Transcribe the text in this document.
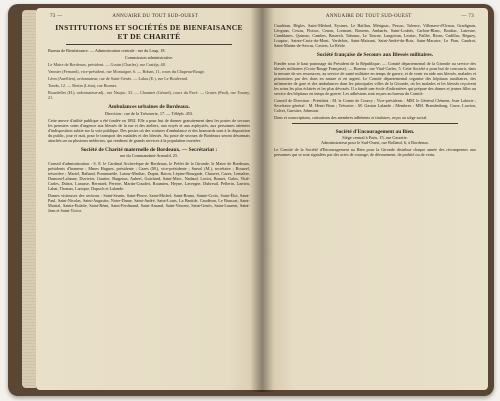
73 —	ANNUAIRE DU TOUT SUD-OUEST
INSTITUTIONS ET SOCIÉTÉS DE BIENFAISANCE
ET DE CHARITÉ
Bureau de Bienfaisance. — Administration centrale : rue du Loup, 18.
Commission administrative.
Le Maire de Bordeaux, président. — Gouin (Charles), rue Castéja, 48.
Vannier (Fernand), vice-président, rue Montaigne, 6. — Bohan, 11, cours du Chapeau-Rouge.
Lèon (Aurélien), ordonnateur, rue de Saint-Genès. — Lalou (E.), rue Le Boulevard.
Tondu, 12. — Bertin (Léon), rue Bonnes.
Bourdelles (H.), ordonnateur-adj., rue Naujac, 33. — Chaumet (Gérard), cours du Pavé. — Gruies (Paul), rue Tourny, 21.
Ambulances urbaines de Bordeaux.
Direction : rue de la Trésorerie, 17. — Téléph. 453.
Cette œuvre d'utilité publique a été fondée en 1892. Elle a pour but de donner gratuitement dans les postes de secours les premiers soins d'urgence aux blessés de la rue et des ateliers, aux noyés et aux asphyxiés, aux personnes atteintes d'indisposition subite sur la voie publique. Des postes où des voitures d'ambulance et des brancards sont à la disposition du public, jour et nuit, pour le transport des malades et des blessés. Au poste de secours de Bordeaux seront désormais attachés un ou plusieurs médecins, qui rendront de grands services à la population ouvrière.
Société de Charité maternelle de Bordeaux. — Secrétariat :
rue du Commandant-Arnould, 25.
Conseil d'administration : S. E. le Cardinal Archevêque de Bordeaux, le Préfet de la Gironde, le Maire de Bordeaux, présidents d'honneur ; Mmes Hugues, présidente ; Cazes (M.), vice-présidente ; Sursol (M.), secrétaire ; Bourzel, trésorière ; Martel, Balland, Pommarède, Latour-Marliac, Dupin, Baron, Lépine-Bourgade, Chauvet, Cazes, Lemaître, Dumont-Lalanne, Duvivier, Gautier, Bargeton, Aubert, Guichard, Saint-Marc, Nadaud, Loriot, Brunet, Galos, Vital-Carles, Dubos, Lanusse, Berniard, Pereire, Martin-Coudert, Roumieu, Heyne, Lavergne, Dubreuil, Pellerin, Larrieu, Labat, Thomas, Laroque, Dupuch et Lalande.
Dames visiteuses des sections : Saint-Seurin, Saint-Pierre, Saint-Michel, Saint-Bruno, Sainte-Croix, Saint-Éloi, Saint-Paul, Saint-Nicolas, Saint-Augustin, Notre-Dame, Saint-André, Saint-Louis, La Bastide, Caudéran, Le Bouscat, Saint-Martial, Sainte-Eulalie, Saint-Rémi, Saint-Ferdinand, Saint-Amand, Saint-Vincent, Saint-Genès, Saint-Laurent, Saint-Jean et Saint-Victor.
ANNUAIRE DU TOUT SUD-OUEST	— 73
Caudéran, Bègles, Saint-Médard, Eysines, Le Haillan, Mérignac, Pessac, Talence, Villenave-d'Ornon, Gradignan, Léognan, Cestas, Floirac, Cenon, Lormont, Bassens, Ambarès, Saint-Loubès, Carbon-Blanc, Bouliac, Latresne, Camblanes, Quinsac, Cambes, Baurech, Tabanac, Le Tourne, Langoiran, Lestiac, Paillet, Rions, Cadillac, Béguey, Loupiac, Sainte-Croix-du-Mont, Verdelais, Saint-Maixant, Saint-André-du-Bois, Saint-Macaire, Le Pian, Caudrot, Saint-Martin-de-Sescas, Castets, La Réole.
Société française de Secours aux Blessés militaires.
Fondée sous le haut patronage du Président de la République. — Comité départemental de la Gironde au service des blessés militaires (Croix-Rouge Française). — Bureau : rue Vital-Carles, 5. Cette Société a pour but de concourir, dans la mesure de ses ressources, au service de santé militaire en temps de guerre, et de venir en aide aux blessés, malades et prisonniers par des dons en nature et en argent. Le Comité départemental organise des hôpitaux auxiliaires, des infirmeries de gare et des ambulances dans les principales villes de la Gironde, où les malades et les blessés reçoivent les soins les plus éclairés et les plus dévoués. Il a fondé une école d'infirmières qui prépare des dames et jeunes filles au service des hôpitaux en temps de guerre. Les adhésions sont reçues au bureau du Comité.
Conseil de Direction : Président : M. le Comte de Courcy ; Vice-présidents : MM. le Général Clément, Jean Laborie ; Secrétaire général : M. Henri Brun ; Trésorier : M. Gaston Lalande ; Membres : MM. Brandenburg, Cruse, Lawton, Calvet, Guestier, Johnston.
Dons et souscriptions, cotisations des membres adhérents et titulaires, reçus au siège social.
Société d'Encouragement au Bien.
Siège central à Paris, 15, rue Cassette.
Administrateur pour le Sud-Ouest, rue Rolland, 6, à Bordeaux.
Le Comité de la Société d'Encouragement au Bien pour la Gironde distribue chaque année des récompenses aux personnes qui se sont signalées par des actes de courage, de dévouement, de probité ou de vertu.
